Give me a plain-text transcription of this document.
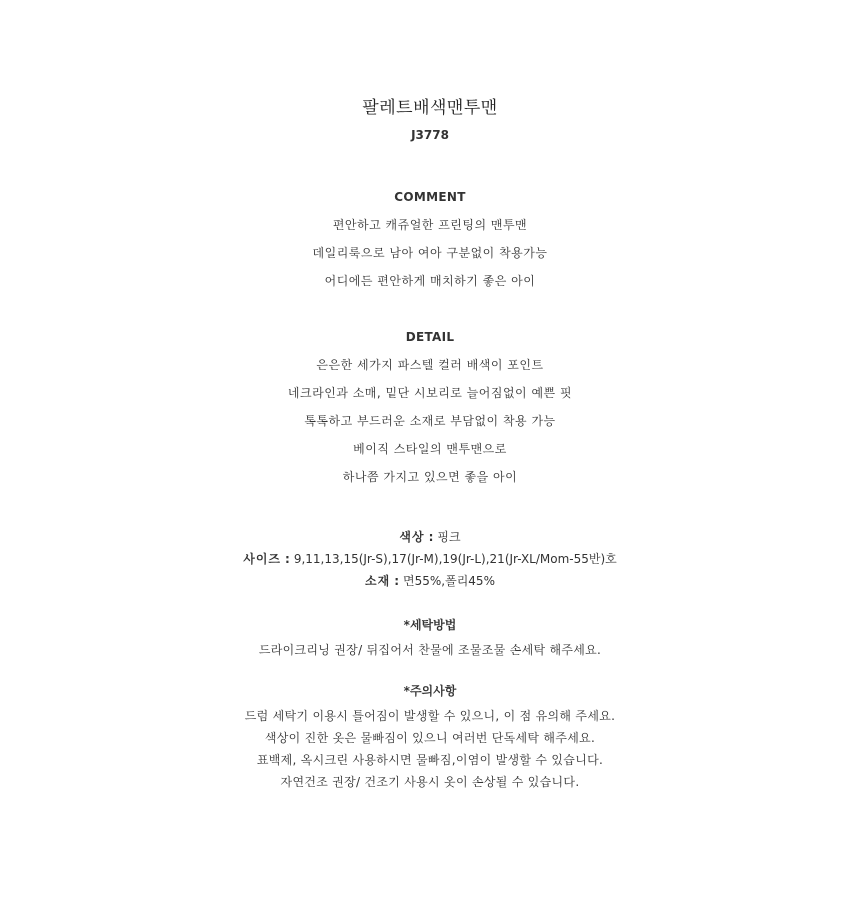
팔레트배색맨투맨
J3778
COMMENT
편안하고 캐쥬얼한 프린팅의 맨투맨
데일리룩으로 남아 여아 구분없이 착용가능
어디에든 편안하게 매치하기 좋은 아이
DETAIL
은은한 세가지 파스텔 컬러 배색이 포인트
네크라인과 소매, 밑단 시보리로 늘어짐없이 예쁜 핏
톡톡하고 부드러운 소재로 부담없이 착용 가능
베이직 스타일의 맨투맨으로
하나쯤 가지고 있으면 좋을 아이
색상 : 핑크
사이즈 : 9,11,13,15(Jr-S),17(Jr-M),19(Jr-L),21(Jr-XL/Mom-55반)호
소재 : 면55%,폴리45%
*세탁방법
드라이크리닝 권장/ 뒤집어서 찬물에 조물조물 손세탁 해주세요.
*주의사항
드럼 세탁기 이용시 틀어짐이 발생할 수 있으니, 이 점 유의해 주세요.
색상이 진한 옷은 물빠짐이 있으니 여러번 단독세탁 해주세요.
표백제, 옥시크린 사용하시면 물빠짐,이염이 발생할 수 있습니다.
자연건조 권장/ 건조기 사용시 옷이 손상될 수 있습니다.
